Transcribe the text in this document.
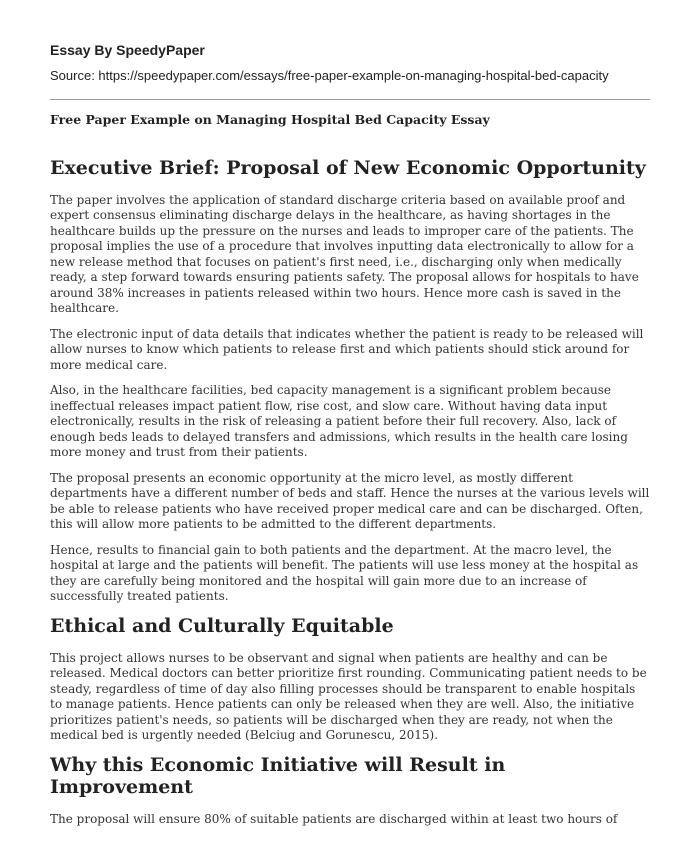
Essay By SpeedyPaper
Source: https://speedypaper.com/essays/free-paper-example-on-managing-hospital-bed-capacity
Free Paper Example on Managing Hospital Bed Capacity Essay
Executive Brief: Proposal of New Economic Opportunity

The paper involves the application of standard discharge criteria based on available proof and expert consensus eliminating discharge delays in the healthcare, as having shortages in the healthcare builds up the pressure on the nurses and leads to improper care of the patients. The proposal implies the use of a procedure that involves inputting data electronically to allow for a new release method that focuses on patient's first need, i.e., discharging only when medically ready, a step forward towards ensuring patients safety. The proposal allows for hospitals to have around 38% increases in patients released within two hours. Hence more cash is saved in the healthcare.

The electronic input of data details that indicates whether the patient is ready to be released will allow nurses to know which patients to release first and which patients should stick around for more medical care.

Also, in the healthcare facilities, bed capacity management is a significant problem because ineffectual releases impact patient flow, rise cost, and slow care. Without having data input electronically, results in the risk of releasing a patient before their full recovery. Also, lack of enough beds leads to delayed transfers and admissions, which results in the health care losing more money and trust from their patients.

The proposal presents an economic opportunity at the micro level, as mostly different departments have a different number of beds and staff. Hence the nurses at the various levels will be able to release patients who have received proper medical care and can be discharged. Often, this will allow more patients to be admitted to the different departments.

Hence, results to financial gain to both patients and the department. At the macro level, the hospital at large and the patients will benefit. The patients will use less money at the hospital as they are carefully being monitored and the hospital will gain more due to an increase of successfully treated patients.

Ethical and Culturally Equitable

This project allows nurses to be observant and signal when patients are healthy and can be released. Medical doctors can better prioritize first rounding. Communicating patient needs to be steady, regardless of time of day also filling processes should be transparent to enable hospitals to manage patients. Hence patients can only be released when they are well. Also, the initiative prioritizes patient's needs, so patients will be discharged when they are ready, not when the medical bed is urgently needed (Belciug and Gorunescu, 2015).

Why this Economic Initiative will Result in Improvement

The proposal will ensure 80% of suitable patients are discharged within at least two hours of
